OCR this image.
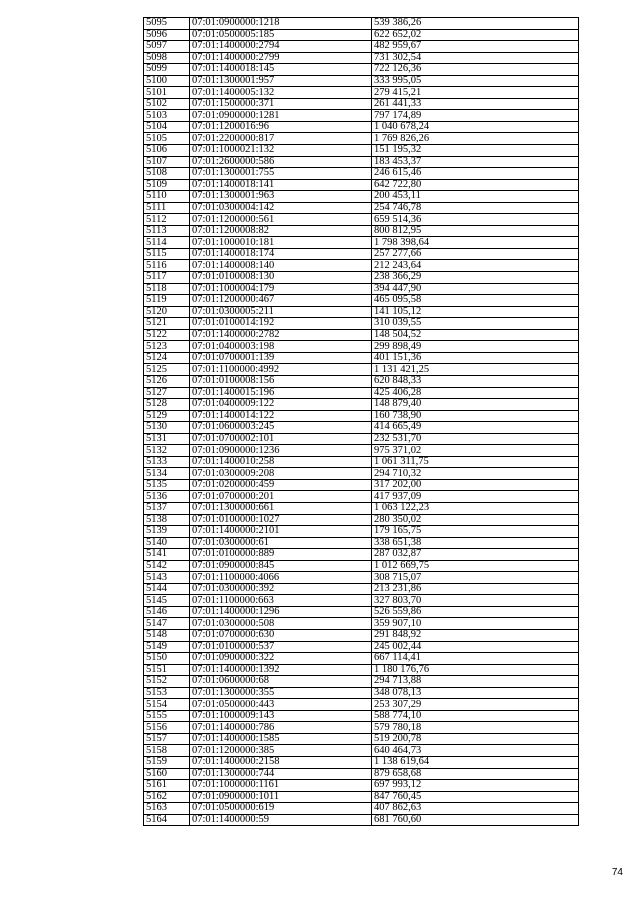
5095	07:01:0900000:1218	539 386,26
5096	07:01:0500005:185	622 652,02
5097	07:01:1400000:2794	482 959,67
5098	07:01:1400000:2799	731 302,54
5099	07:01:1400018:145	722 126,36
5100	07:01:1300001:957	333 995,05
5101	07:01:1400005:132	279 415,21
5102	07:01:1500000:371	261 441,33
5103	07:01:0900000:1281	797 174,89
5104	07:01:1200016:96	1 040 678,24
5105	07:01:2200000:817	1 769 826,26
5106	07:01:1000021:132	151 195,32
5107	07:01:2600000:586	183 453,37
5108	07:01:1300001:755	246 615,46
5109	07:01:1400018:141	642 722,80
5110	07:01:1300001:963	200 453,11
5111	07:01:0300004:142	254 746,78
5112	07:01:1200000:561	659 514,36
5113	07:01:1200008:82	800 812,95
5114	07:01:1000010:181	1 798 398,64
5115	07:01:1400018:174	257 277,66
5116	07:01:1400008:140	212 243,64
5117	07:01:0100008:130	238 366,29
5118	07:01:1000004:179	394 447,90
5119	07:01:1200000:467	465 095,58
5120	07:01:0300005:211	141 105,12
5121	07:01:0100014:192	310 039,55
5122	07:01:1400000:2782	148 504,52
5123	07:01:0400003:198	299 898,49
5124	07:01:0700001:139	401 151,36
5125	07:01:1100000:4992	1 131 421,25
5126	07:01:0100008:156	620 848,33
5127	07:01:1400015:196	425 406,28
5128	07:01:0400009:122	148 879,40
5129	07:01:1400014:122	160 738,90
5130	07:01:0600003:245	414 665,49
5131	07:01:0700002:101	232 531,70
5132	07:01:0900000:1236	975 371,02
5133	07:01:1400010:258	1 061 311,75
5134	07:01:0300009:208	294 710,32
5135	07:01:0200000:459	317 202,00
5136	07:01:0700000:201	417 937,09
5137	07:01:1300000:661	1 063 122,23
5138	07:01:0100000:1027	280 350,02
5139	07:01:1400000:2101	179 165,75
5140	07:01:0300000:61	338 651,38
5141	07:01:0100000:889	287 032,87
5142	07:01:0900000:845	1 012 669,75
5143	07:01:1100000:4066	308 715,07
5144	07:01:0300000:392	213 231,86
5145	07:01:1100000:663	327 803,70
5146	07:01:1400000:1296	526 559,86
5147	07:01:0300000:508	359 907,10
5148	07:01:0700000:630	291 848,92
5149	07:01:0100000:537	245 002,44
5150	07:01:0900000:322	667 114,41
5151	07:01:1400000:1392	1 180 176,76
5152	07:01:0600000:68	294 713,88
5153	07:01:1300000:355	348 078,13
5154	07:01:0500000:443	253 307,29
5155	07:01:1000009:143	588 774,10
5156	07:01:1400000:786	579 780,18
5157	07:01:1400000:1585	519 200,78
5158	07:01:1200000:385	640 464,73
5159	07:01:1400000:2158	1 138 619,64
5160	07:01:1300000:744	879 658,68
5161	07:01:1000000:1161	697 993,12
5162	07:01:0900000:1011	847 760,45
5163	07:01:0500000:619	407 862,63
5164	07:01:1400000:59	681 760,60
74
